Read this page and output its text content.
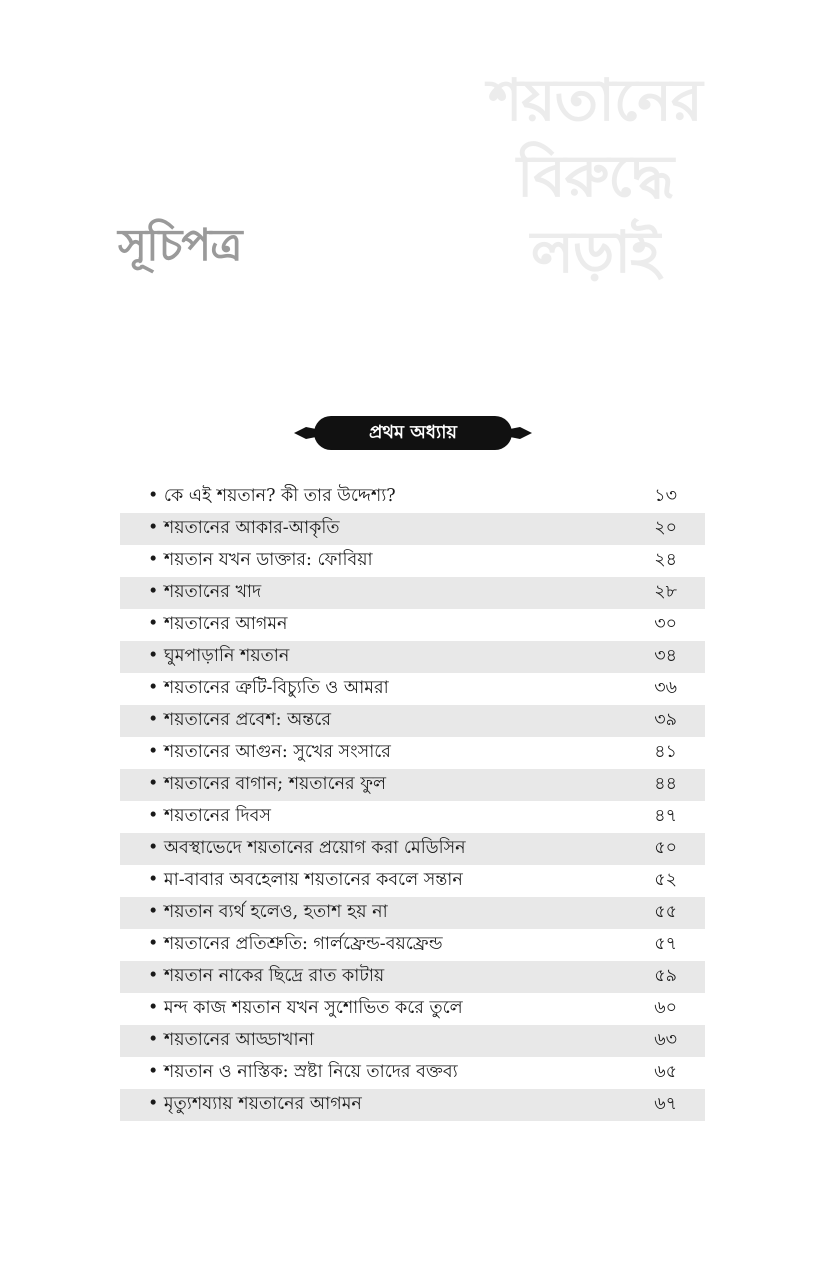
শয়তানের
বিরুদ্ধে
লড়াই
সূচিপত্র
প্রথম অধ্যায়
• কে এই শয়তান? কী তার উদ্দেশ্য?	১৩
• শয়তানের আকার-আকৃতি	২০
• শয়তান যখন ডাক্তার: ফোবিয়া	২৪
• শয়তানের খাদ	২৮
• শয়তানের আগমন	৩০
• ঘুমপাড়ানি শয়তান	৩৪
• শয়তানের ত্রুটি-বিচ্যুতি ও আমরা	৩৬
• শয়তানের প্রবেশ: অন্তরে	৩৯
• শয়তানের আগুন: সুখের সংসারে	৪১
• শয়তানের বাগান; শয়তানের ফুল	৪৪
• শয়তানের দিবস	৪৭
• অবস্থাভেদে শয়তানের প্রয়োগ করা মেডিসিন	৫০
• মা-বাবার অবহেলায় শয়তানের কবলে সন্তান	৫২
• শয়তান ব্যর্থ হলেও, হতাশ হয় না	৫৫
• শয়তানের প্রতিশ্রুতি: গার্লফ্রেন্ড-বয়ফ্রেন্ড	৫৭
• শয়তান নাকের ছিদ্রে রাত কাটায়	৫৯
• মন্দ কাজ শয়তান যখন সুশোভিত করে তুলে	৬০
• শয়তানের আড্ডাখানা	৬৩
• শয়তান ও নাস্তিক: স্রষ্টা নিয়ে তাদের বক্তব্য	৬৫
• মৃত্যুশয্যায় শয়তানের আগমন	৬৭
